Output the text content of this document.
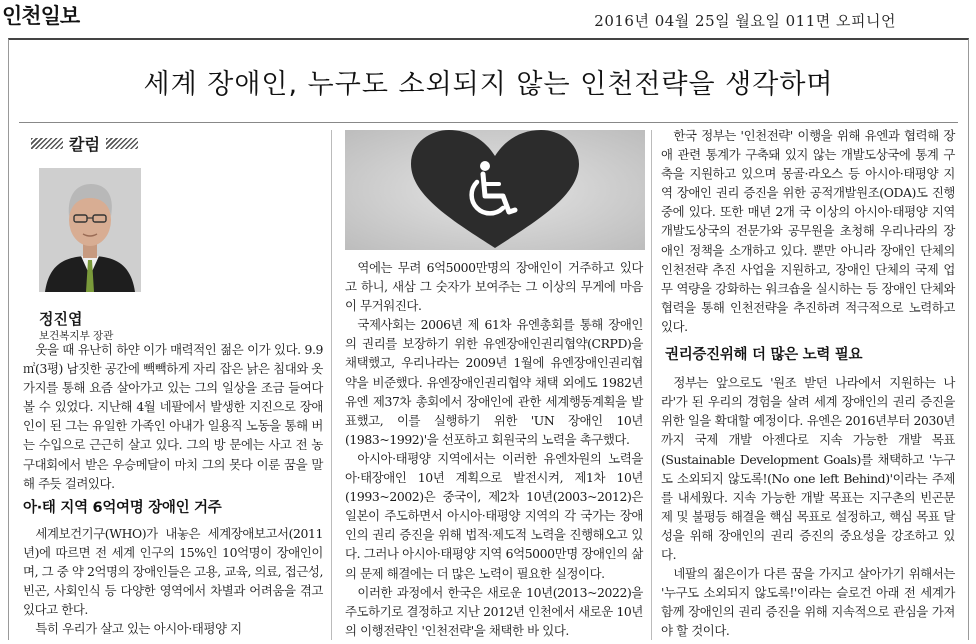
인천일보	2016년 04월 25일 월요일 011면 오피니언
세계 장애인, 누구도 소외되지 않는 인천전략을 생각하며
칼럼
정진엽
보건복지부 장관

웃을 때 유난히 하얀 이가 매력적인 젊은 이가 있다. 9.9㎡(3평) 남짓한 공간에 빽빽하게 자리 잡은 낡은 침대와 옷가지를 통해 요즘 살아가고 있는 그의 일상을 조금 들여다 볼 수 있었다. 지난해 4월 네팔에서 발생한 지진으로 장애인이 된 그는 유일한 가족인 아내가 일용직 노동을 통해 버는 수입으로 근근히 살고 있다. 그의 방 문에는 사고 전 농구대회에서 받은 우승메달이 마치 그의 못다 이룬 꿈을 말해 주듯 걸려있다.

아·태 지역 6억여명 장애인 거주

세계보건기구(WHO)가 내놓은 세계장애보고서(2011년)에 따르면 전 세계 인구의 15%인 10억명이 장애인이며, 그 중 약 2억명의 장애인들은 고용, 교육, 의료, 접근성, 빈곤, 사회인식 등 다양한 영역에서 차별과 어려움을 겪고 있다고 한다.

특히 우리가 살고 있는 아시아·태평양 지

역에는 무려 6억5000만명의 장애인이 거주하고 있다고 하니, 새삼 그 숫자가 보여주는 그 이상의 무게에 마음이 무거워진다.

국제사회는 2006년 제 61차 유엔총회를 통해 장애인의 권리를 보장하기 위한 유엔장애인권리협약(CRPD)을 채택했고, 우리나라는 2009년 1월에 유엔장애인권리협약을 비준했다. 유엔장애인권리협약 채택 외에도 1982년 유엔 제37차 총회에서 장애인에 관한 세계행동계획을 발표했고, 이를 실행하기 위한 'UN 장애인 10년(1983~1992)'을 선포하고 회원국의 노력을 촉구했다.

아시아·태평양 지역에서는 이러한 유엔차원의 노력을 아·태장애인 10년 계획으로 발전시켜, 제1차 10년(1993~2002)은 중국이, 제2차 10년(2003~2012)은 일본이 주도하면서 아시아·태평양 지역의 각 국가는 장애인의 권리 증진을 위해 법적·제도적 노력을 진행해오고 있다. 그러나 아시아·태평양 지역 6억5000만명 장애인의 삶의 문제 해결에는 더 많은 노력이 필요한 실정이다.

이러한 과정에서 한국은 새로운 10년(2013~2022)을 주도하기로 결정하고 지난 2012년 인천에서 새로운 10년의 이행전략인 '인천전략'을 채택한 바 있다.

한국 정부는 '인천전략' 이행을 위해 유엔과 협력해 장애 관련 통계가 구축돼 있지 않는 개발도상국에 통계 구축을 지원하고 있으며 몽골·라오스 등 아시아·태평양 지역 장애인 권리 증진을 위한 공적개발원조(ODA)도 진행 중에 있다. 또한 매년 2개 국 이상의 아시아·태평양 지역 개발도상국의 전문가와 공무원을 초청해 우리나라의 장애인 정책을 소개하고 있다. 뿐만 아니라 장애인 단체의 인천전략 추진 사업을 지원하고, 장애인 단체의 국제 업무 역량을 강화하는 워크숍을 실시하는 등 장애인 단체와 협력을 통해 인천전략을 추진하려 적극적으로 노력하고 있다.

권리증진위해 더 많은 노력 필요

정부는 앞으로도 '원조 받던 나라에서 지원하는 나라'가 된 우리의 경험을 살려 세계 장애인의 권리 증진을 위한 일을 확대할 예정이다. 유엔은 2016년부터 2030년까지 국제 개발 아젠다로 지속 가능한 개발 목표(Sustainable Development Goals)를 채택하고 '누구도 소외되지 않도록!(No one left Behind)'이라는 주제를 내세웠다. 지속 가능한 개발 목표는 지구촌의 빈곤문제 및 불평등 해결을 핵심 목표로 설정하고, 핵심 목표 달성을 위해 장애인의 권리 증진의 중요성을 강조하고 있다.

네팔의 젊은이가 다른 꿈을 가지고 살아가기 위해서는 '누구도 소외되지 않도록!'이라는 슬로건 아래 전 세계가 함께 장애인의 권리 증진을 위해 지속적으로 관심을 가져야 할 것이다.
